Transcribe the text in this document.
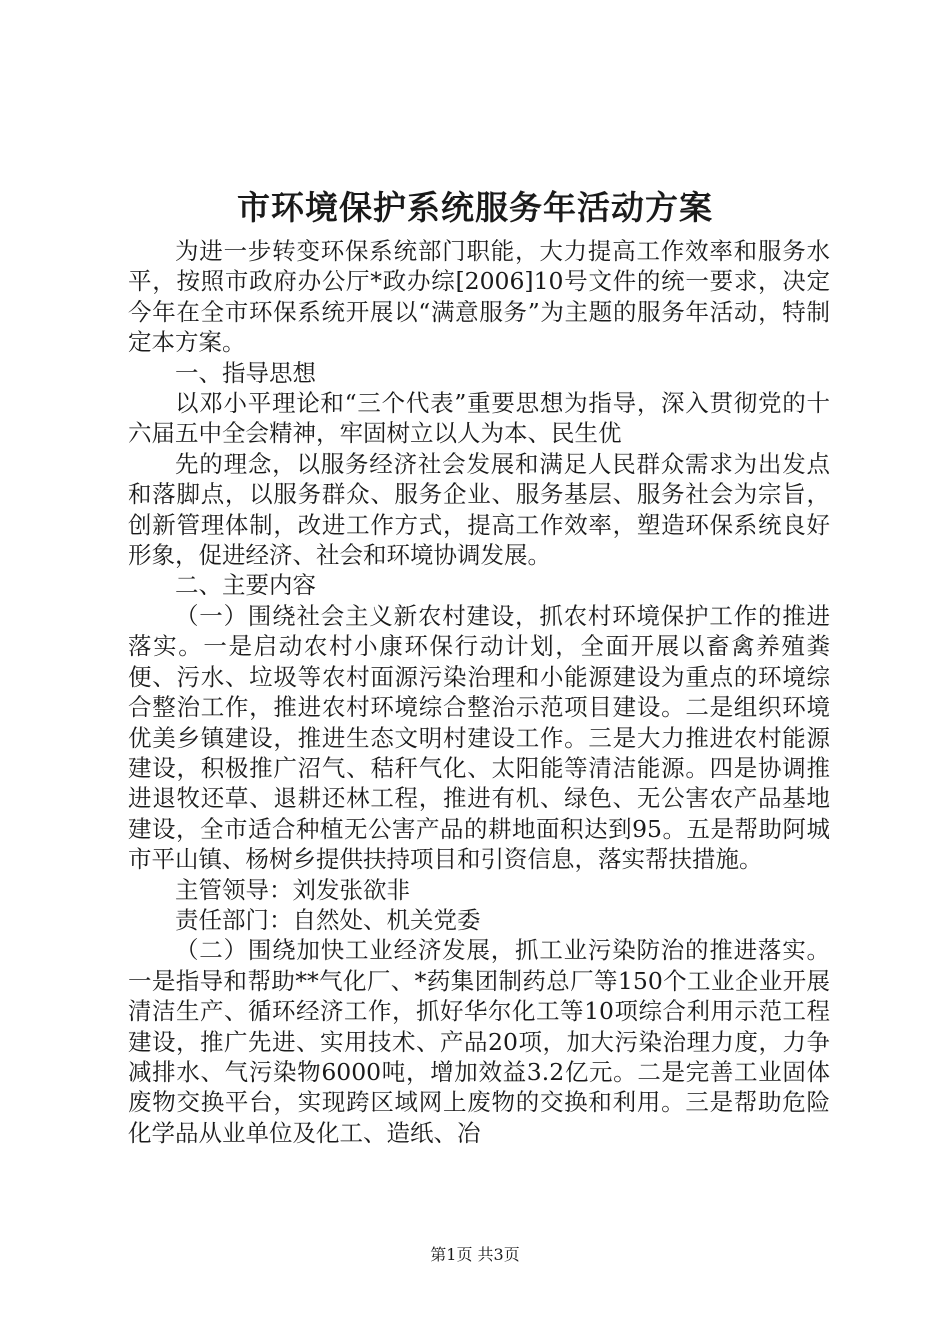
市环境保护系统服务年活动方案

为进一步转变环保系统部门职能，大力提高工作效率和服务水平，按照市政府办公厅*政办综[2006]10号文件的统一要求，决定今年在全市环保系统开展以“满意服务”为主题的服务年活动，特制定本方案。

一、指导思想

以邓小平理论和“三个代表”重要思想为指导，深入贯彻党的十六届五中全会精神，牢固树立以人为本、民生优

先的理念，以服务经济社会发展和满足人民群众需求为出发点和落脚点，以服务群众、服务企业、服务基层、服务社会为宗旨，创新管理体制，改进工作方式，提高工作效率，塑造环保系统良好形象，促进经济、社会和环境协调发展。

二、主要内容

（一）围绕社会主义新农村建设，抓农村环境保护工作的推进落实。一是启动农村小康环保行动计划，全面开展以畜禽养殖粪便、污水、垃圾等农村面源污染治理和小能源建设为重点的环境综合整治工作，推进农村环境综合整治示范项目建设。二是组织环境优美乡镇建设，推进生态文明村建设工作。三是大力推进农村能源建设，积极推广沼气、秸秆气化、太阳能等清洁能源。四是协调推进退牧还草、退耕还林工程，推进有机、绿色、无公害农产品基地建设，全市适合种植无公害产品的耕地面积达到95。五是帮助阿城市平山镇、杨树乡提供扶持项目和引资信息，落实帮扶措施。

主管领导：刘发张欲非

责任部门：自然处、机关党委

（二）围绕加快工业经济发展，抓工业污染防治的推进落实。一是指导和帮助**气化厂、*药集团制药总厂等150个工业企业开展清洁生产、循环经济工作，抓好华尔化工等10项综合利用示范工程建设，推广先进、实用技术、产品20项，加大污染治理力度，力争减排水、气污染物6000吨，增加效益3.2亿元。二是完善工业固体废物交换平台，实现跨区域网上废物的交换和利用。三是帮助危险化学品从业单位及化工、造纸、冶

第1页 共3页
